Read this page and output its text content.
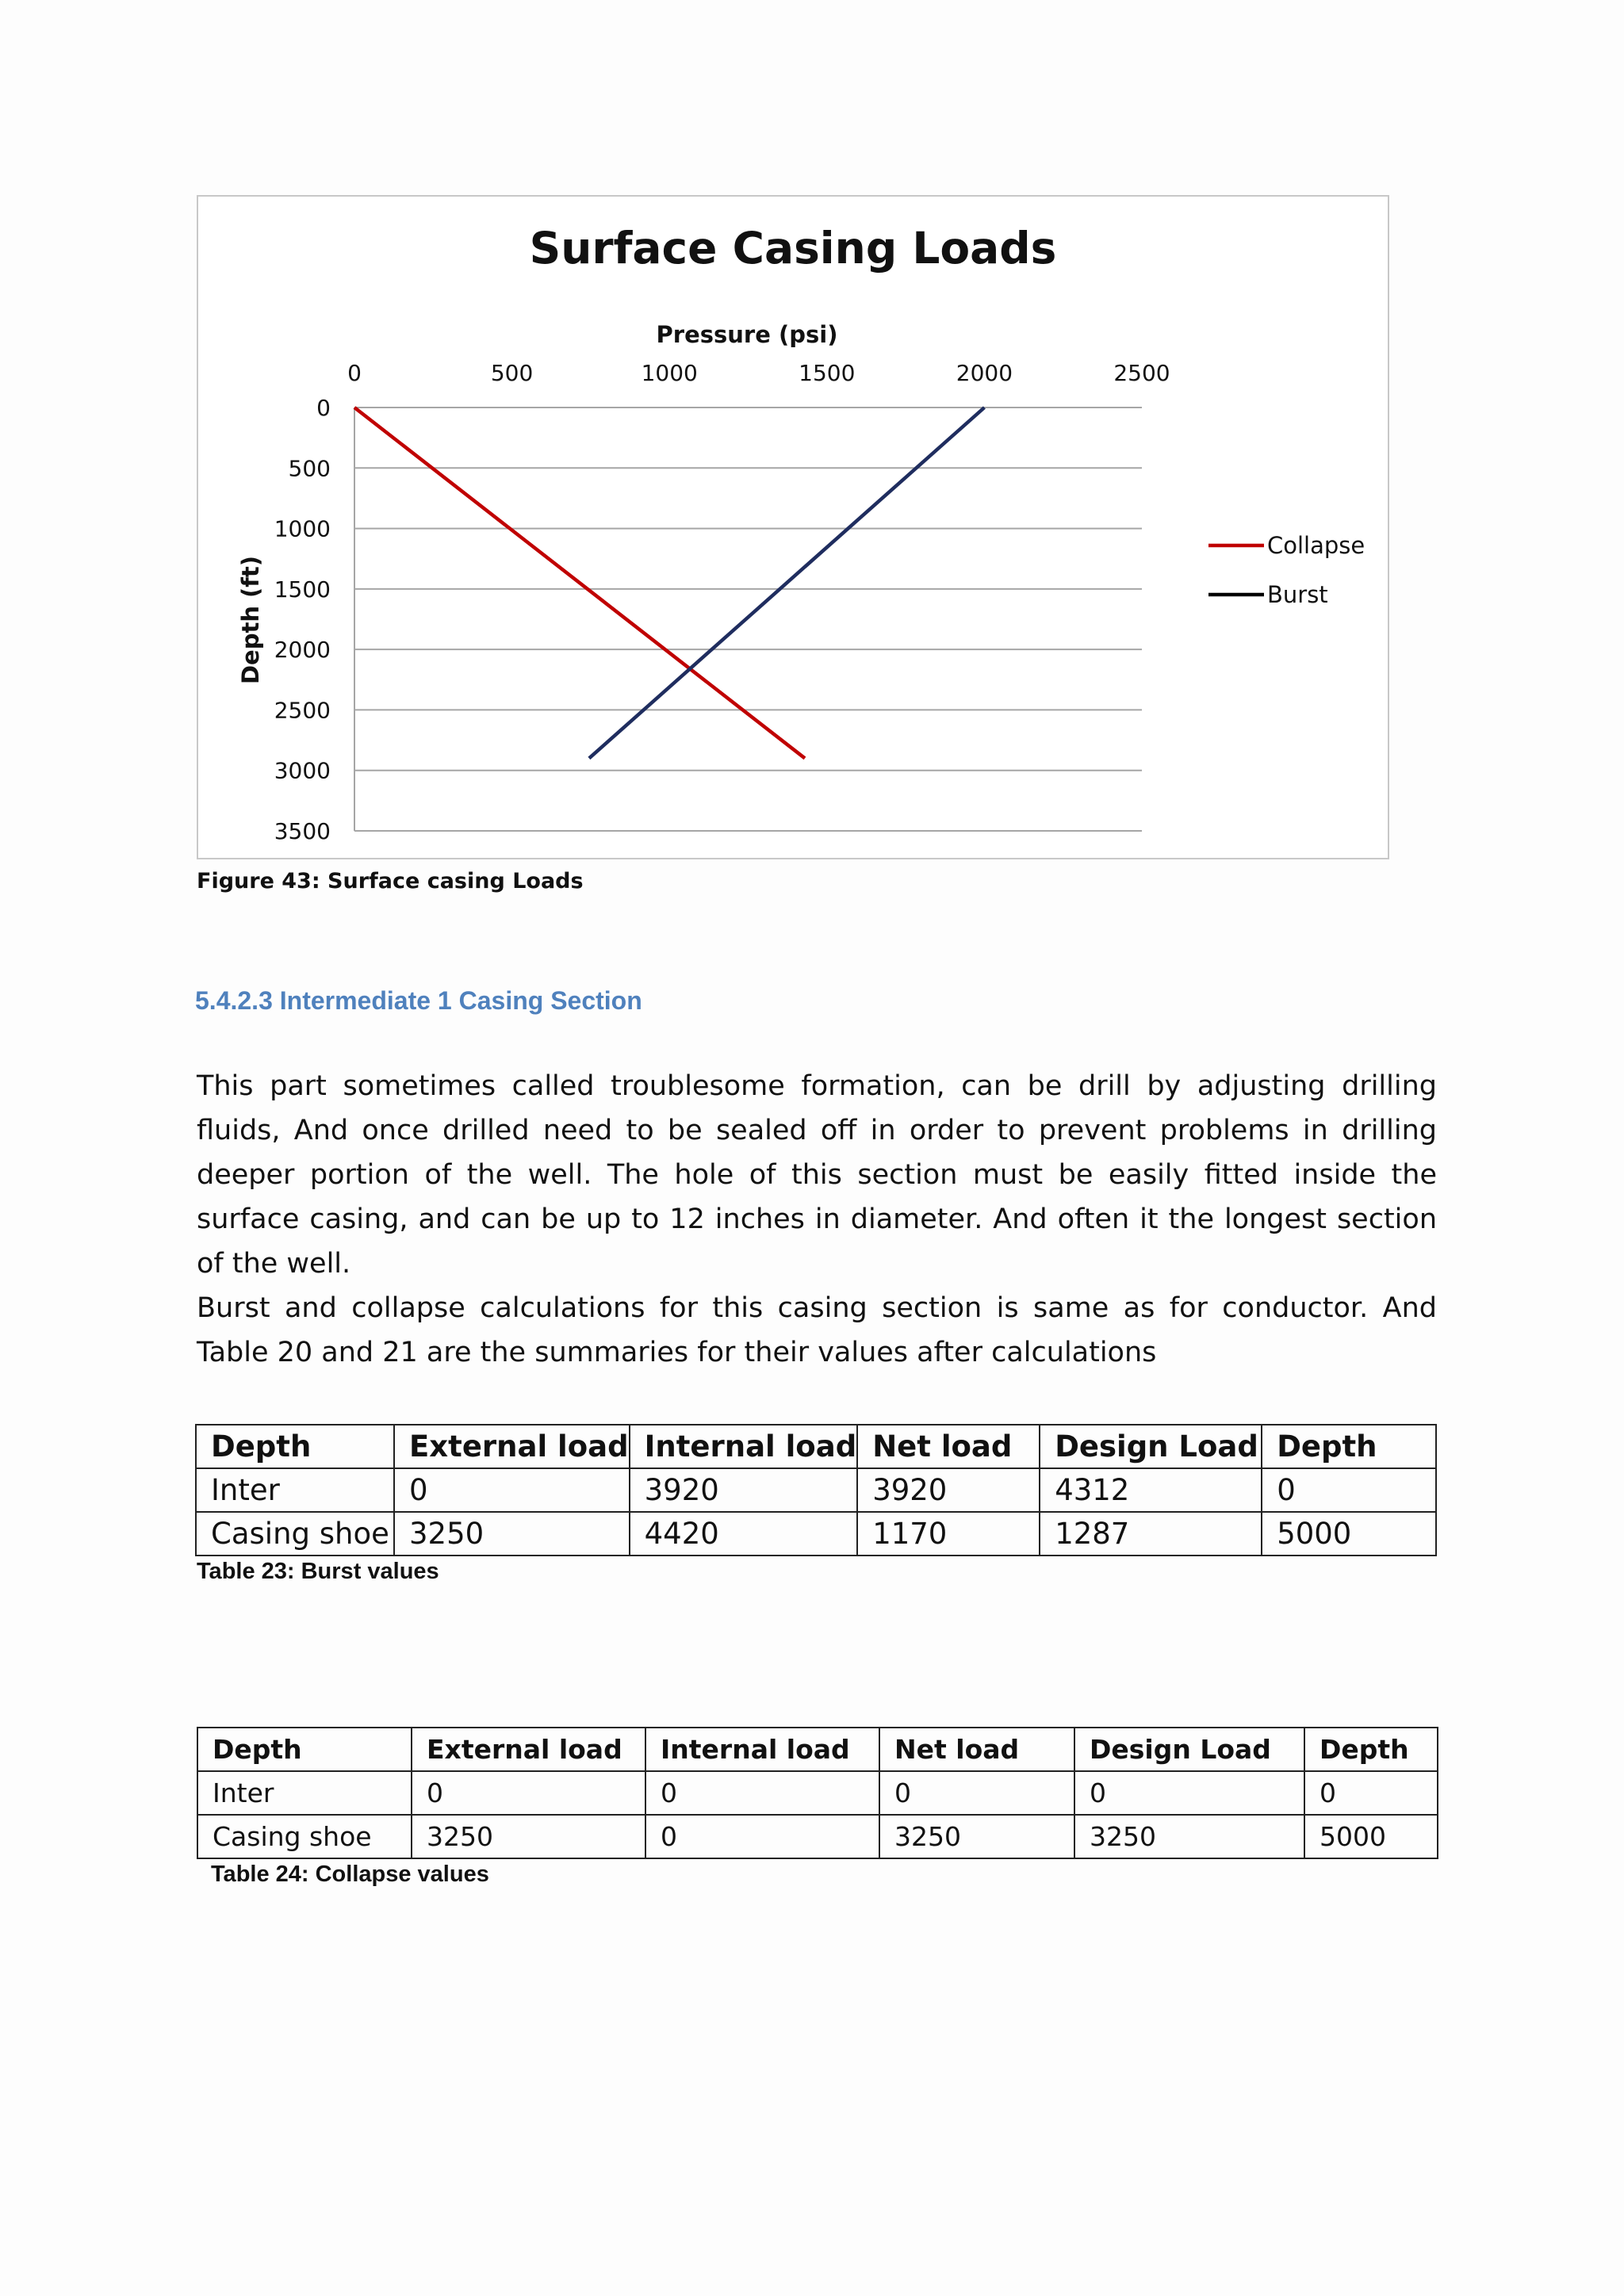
0
500
1000
1500
2000
2500
3000
3500
0	500	1000	1500	2000	2500
Surface Casing Loads
Pressure (psi)
Depth (ft)
Collapse
Burst
Figure 43: Surface casing Loads
5.4.2.3 Intermediate 1 Casing Section

This part sometimes called troublesome formation, can be drill by adjusting drilling fluids, And once drilled need to be sealed off in order to prevent problems in drilling deeper portion of the well. The hole of this section must be easily fitted inside the surface casing, and can be up to 12 inches in diameter. And often it the longest section of the well.

Burst and collapse calculations for this casing section is same as for conductor. And Table 20 and 21 are the summaries for their values after calculations

Depth	External load	Internal load	Net load	Design Load	Depth
Inter	0	3920	3920	4312	0
Casing shoe	3250	4420	1170	1287	5000
Table 23: Burst values
Depth	External load	Internal load	Net load	Design Load	Depth
Inter	0	0	0	0	0
Casing shoe	3250	0	3250	3250	5000
Table 24: Collapse values
